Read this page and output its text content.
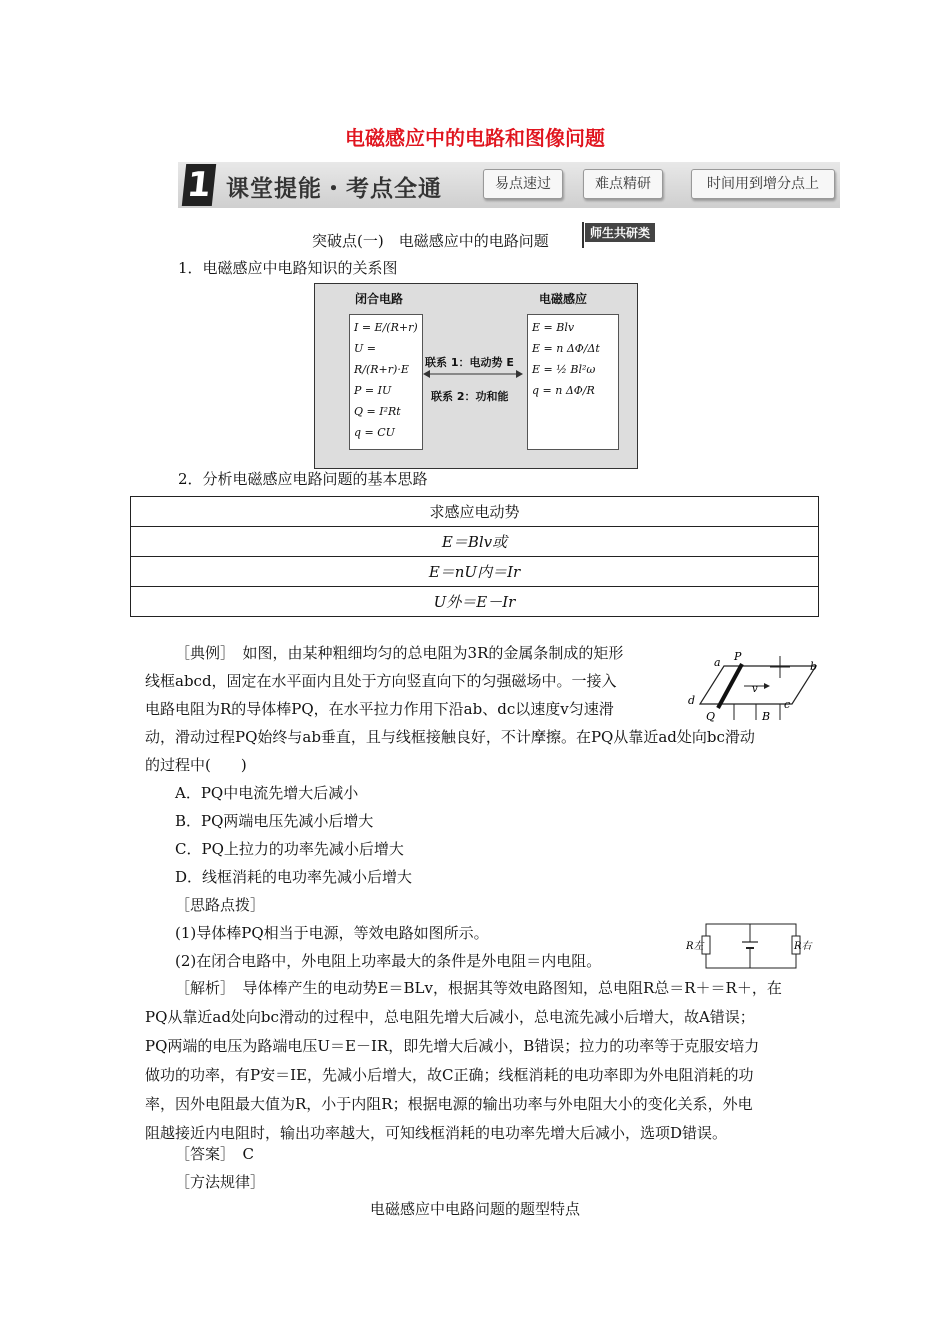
电磁感应中的电路和图像问题
1 课堂提能・考点全通	易点速过	难点精研	时间用到增分点上
突破点(一)　电磁感应中的电路问题	师生共研类
1．电磁感应中电路知识的关系图
闭合电路	电磁感应
I = E/(R+r)
U = R/(R+r)·E
P = IU
Q = I²Rt
q = CU
E = Blv
E = n ΔΦ/Δt
E = ½ Bl²ω
q = n ΔΦ/R
联系 1：电动势 E
联系 2：功和能
2．分析电磁感应电路问题的基本思路
求感应电动势
E＝Blv或
E＝nU内＝Ir
U外＝E－Ir
［典例］　 如图，由某种粗细均匀的总电阻为3R的金属条制成的矩形
线框abcd，固定在水平面内且处于方向竖直向下的匀强磁场中。一接入
电路电阻为R的导体棒PQ，在水平拉力作用下沿ab、dc以速度v匀速滑
动，滑动过程PQ始终与ab垂直，且与线框接触良好，不计摩擦。在PQ从靠近ad处向bc滑动
的过程中(　　)
a P
b
d
Q
v
B
c
A．PQ中电流先增大后减小
B．PQ两端电压先减小后增大
C．PQ上拉力的功率先减小后增大
D．线框消耗的电功率先减小后增大
［思路点拨］
(1)导体棒PQ相当于电源，等效电路如图所示。
(2)在闭合电路中，外电阻上功率最大的条件是外电阻＝内电阻。
R左	R右
［解析］　 导体棒产生的电动势E＝BLv，根据其等效电路图知，总电阻R总＝R＋＝R＋，在
PQ从靠近ad处向bc滑动的过程中，总电阻先增大后减小，总电流先减小后增大，故A错误；
PQ两端的电压为路端电压U＝E－IR，即先增大后减小，B错误；拉力的功率等于克服安培力
做功的功率，有P安＝IE，先减小后增大，故C正确；线框消耗的电功率即为外电阻消耗的功
率，因外电阻最大值为R，小于内阻R；根据电源的输出功率与外电阻大小的变化关系，外电
阻越接近内电阻时，输出功率越大，可知线框消耗的电功率先增大后减小，选项D错误。
［答案］　C
［方法规律］
电磁感应中电路问题的题型特点
